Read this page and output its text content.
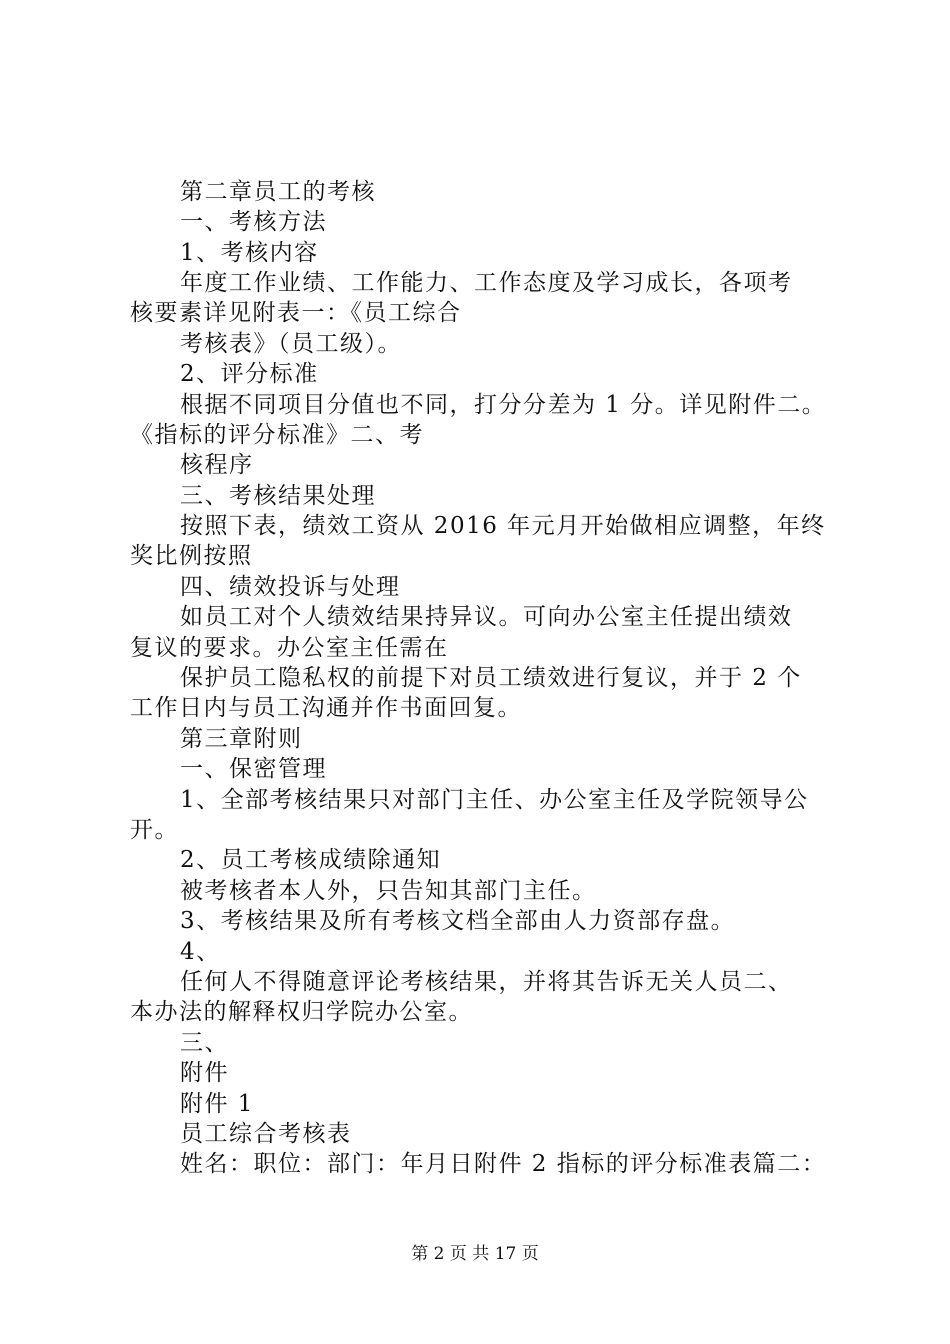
第二章员工的考核
一、考核方法
1、考核内容
年度工作业绩、工作能力、工作态度及学习成长，各项考
核要素详见附表一：《员工综合
考核表》（员工级）。
2、评分标准
根据不同项目分值也不同，打分分差为 1 分。详见附件二。
《指标的评分标准》二、考
核程序
三、考核结果处理
按照下表，绩效工资从 2016 年元月开始做相应调整，年终
奖比例按照
四、绩效投诉与处理
如员工对个人绩效结果持异议。可向办公室主任提出绩效
复议的要求。办公室主任需在
保护员工隐私权的前提下对员工绩效进行复议，并于 2 个
工作日内与员工沟通并作书面回复。
第三章附则
一、保密管理
1、全部考核结果只对部门主任、办公室主任及学院领导公
开。
2、员工考核成绩除通知
被考核者本人外，只告知其部门主任。
3、考核结果及所有考核文档全部由人力资部存盘。
4、
任何人不得随意评论考核结果，并将其告诉无关人员二、
本办法的解释权归学院办公室。
三、
附件
附件 1
员工综合考核表
姓名：职位：部门：年月日附件 2 指标的评分标准表篇二：
第 2 页 共 17 页
